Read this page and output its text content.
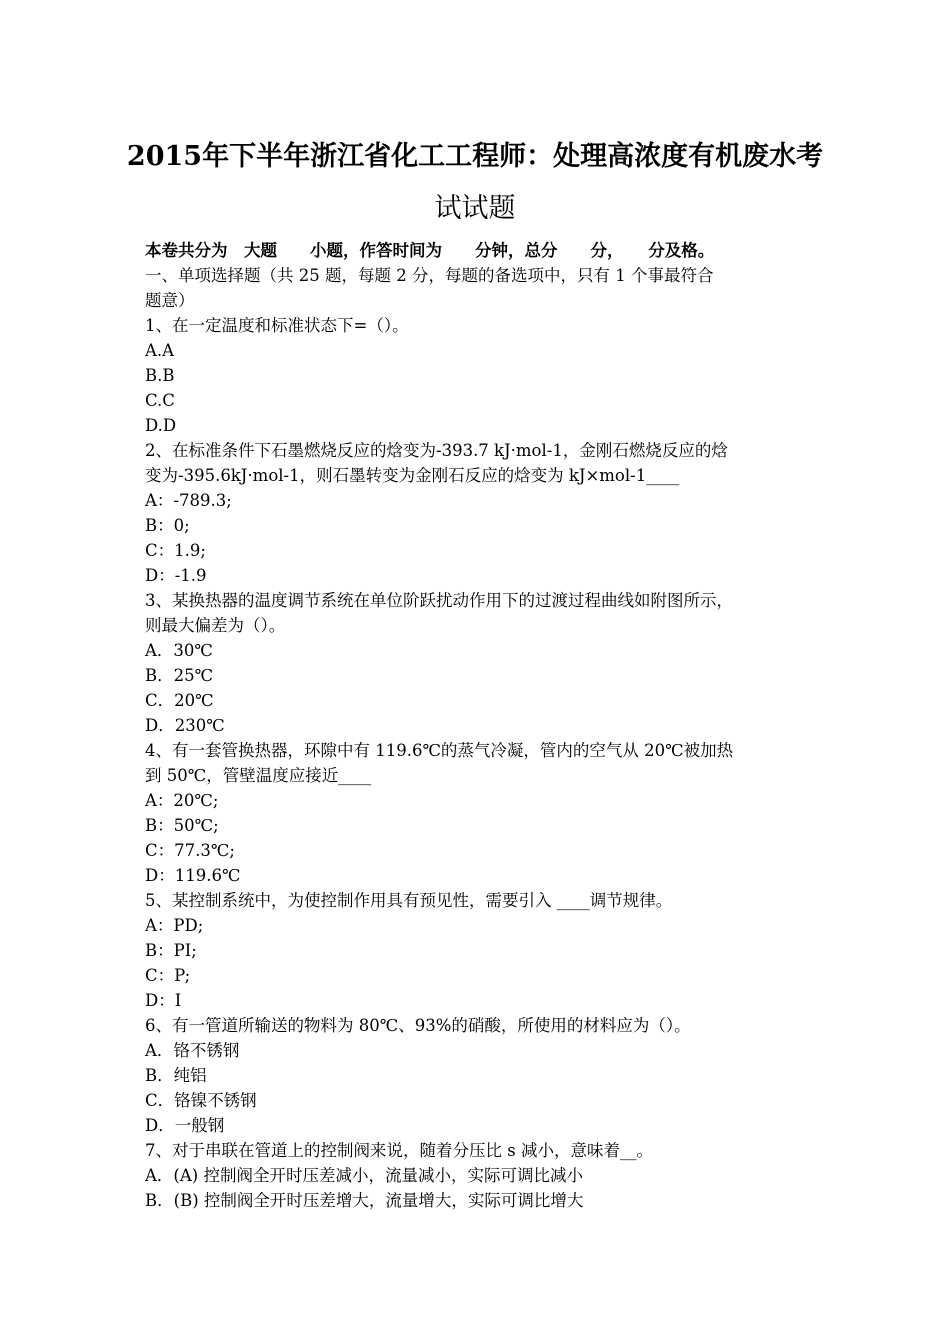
2015年下半年浙江省化工工程师：处理高浓度有机废水考
试试题
本卷共分为　大题　　小题，作答时间为　　分钟，总分　　分，　　分及格。
一、单项选择题（共 25 题，每题 2 分，每题的备选项中，只有 1 个事最符合
题意）
1、在一定温度和标准状态下=（）。
A.A
B.B
C.C
D.D
2、在标准条件下石墨燃烧反应的焓变为-393.7 kJ·mol-1，金刚石燃烧反应的焓
变为-395.6kJ·mol-1，则石墨转变为金刚石反应的焓变为 kJ×mol-1____
A：-789.3;
B：0;
C：1.9;
D：-1.9
3、某换热器的温度调节系统在单位阶跃扰动作用下的过渡过程曲线如附图所示，
则最大偏差为（）。
A．30℃
B．25℃
C．20℃
D．230℃
4、有一套管换热器，环隙中有 119.6℃的蒸气冷凝，管内的空气从 20℃被加热
到 50℃，管壁温度应接近____
A：20℃;
B：50℃;
C：77.3℃;
D：119.6℃
5、某控制系统中，为使控制作用具有预见性，需要引入 ____调节规律。
A：PD;
B：PI;
C：P;
D：I
6、有一管道所输送的物料为 80℃、93%的硝酸，所使用的材料应为（）。
A．铬不锈钢
B．纯铝
C．铬镍不锈钢
D．一般钢
7、对于串联在管道上的控制阀来说，随着分压比 s 减小，意味着__。
A．(A) 控制阀全开时压差减小，流量减小，实际可调比减小
B．(B) 控制阀全开时压差增大，流量增大，实际可调比增大
